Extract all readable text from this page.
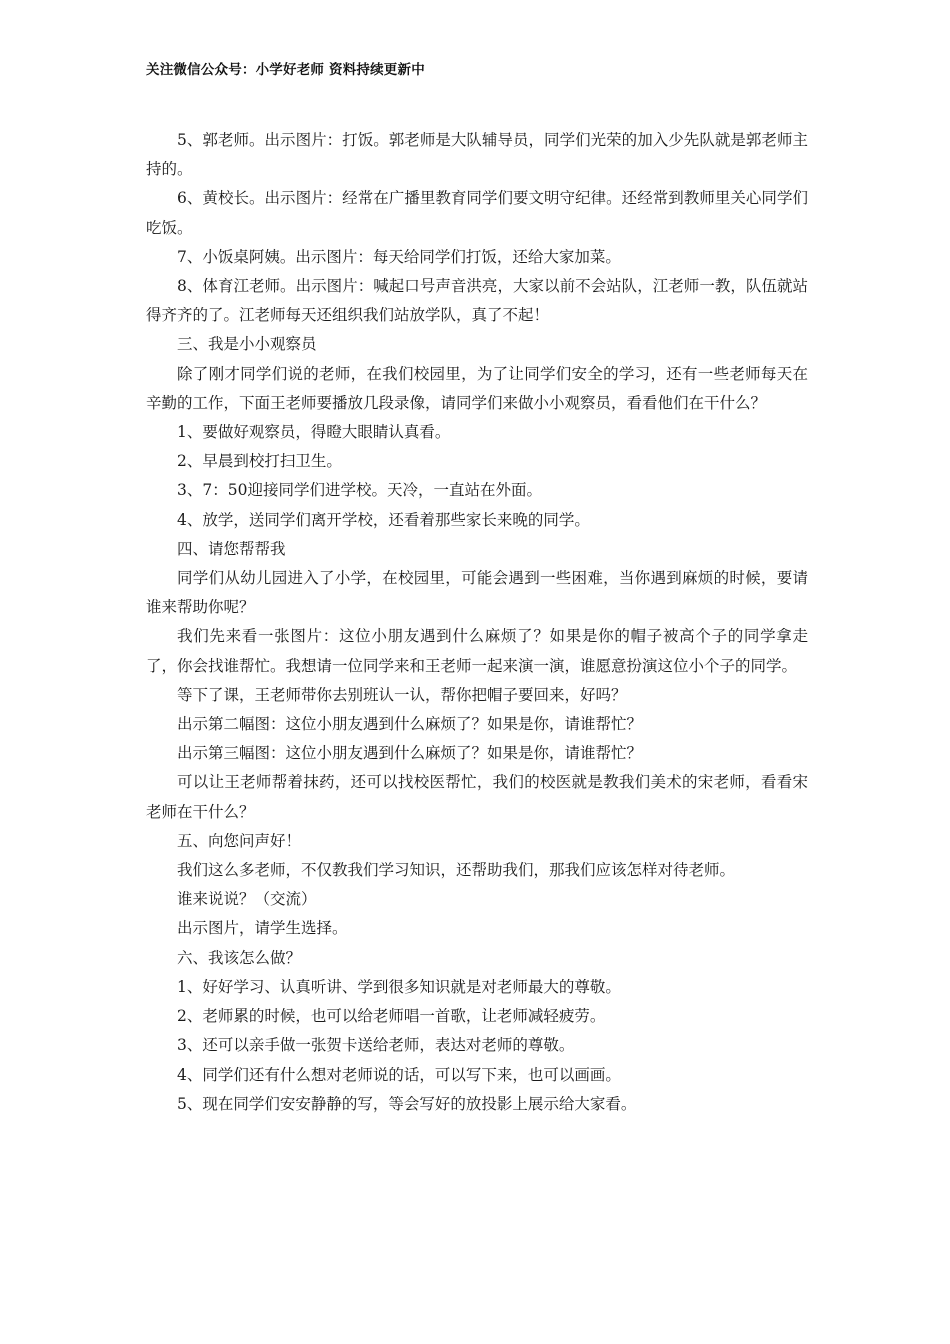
关注微信公众号：小学好老师 资料持续更新中

5、郭老师。出示图片：打饭。郭老师是大队辅导员，同学们光荣的加入少先队就是郭老师主持的。

6、黄校长。出示图片：经常在广播里教育同学们要文明守纪律。还经常到教师里关心同学们吃饭。

7、小饭桌阿姨。出示图片：每天给同学们打饭，还给大家加菜。

8、体育江老师。出示图片：喊起口号声音洪亮，大家以前不会站队，江老师一教，队伍就站得齐齐的了。江老师每天还组织我们站放学队，真了不起！

三、我是小小观察员

除了刚才同学们说的老师，在我们校园里，为了让同学们安全的学习，还有一些老师每天在辛勤的工作，下面王老师要播放几段录像，请同学们来做小小观察员，看看他们在干什么？

1、要做好观察员，得瞪大眼睛认真看。

2、早晨到校打扫卫生。

3、7：50迎接同学们进学校。天冷，一直站在外面。

4、放学，送同学们离开学校，还看着那些家长来晚的同学。

四、请您帮帮我

同学们从幼儿园进入了小学，在校园里，可能会遇到一些困难，当你遇到麻烦的时候，要请谁来帮助你呢？

我们先来看一张图片：这位小朋友遇到什么麻烦了？如果是你的帽子被高个子的同学拿走了，你会找谁帮忙。我想请一位同学来和王老师一起来演一演，谁愿意扮演这位小个子的同学。

等下了课，王老师带你去别班认一认，帮你把帽子要回来，好吗？

出示第二幅图：这位小朋友遇到什么麻烦了？如果是你，请谁帮忙？

出示第三幅图：这位小朋友遇到什么麻烦了？如果是你，请谁帮忙？

可以让王老师帮着抹药，还可以找校医帮忙，我们的校医就是教我们美术的宋老师，看看宋老师在干什么？

五、向您问声好！

我们这么多老师，不仅教我们学习知识，还帮助我们，那我们应该怎样对待老师。

谁来说说？（交流）

出示图片，请学生选择。

六、我该怎么做？

1、好好学习、认真听讲、学到很多知识就是对老师最大的尊敬。

2、老师累的时候，也可以给老师唱一首歌，让老师减轻疲劳。

3、还可以亲手做一张贺卡送给老师，表达对老师的尊敬。

4、同学们还有什么想对老师说的话，可以写下来，也可以画画。

5、现在同学们安安静静的写，等会写好的放投影上展示给大家看。
